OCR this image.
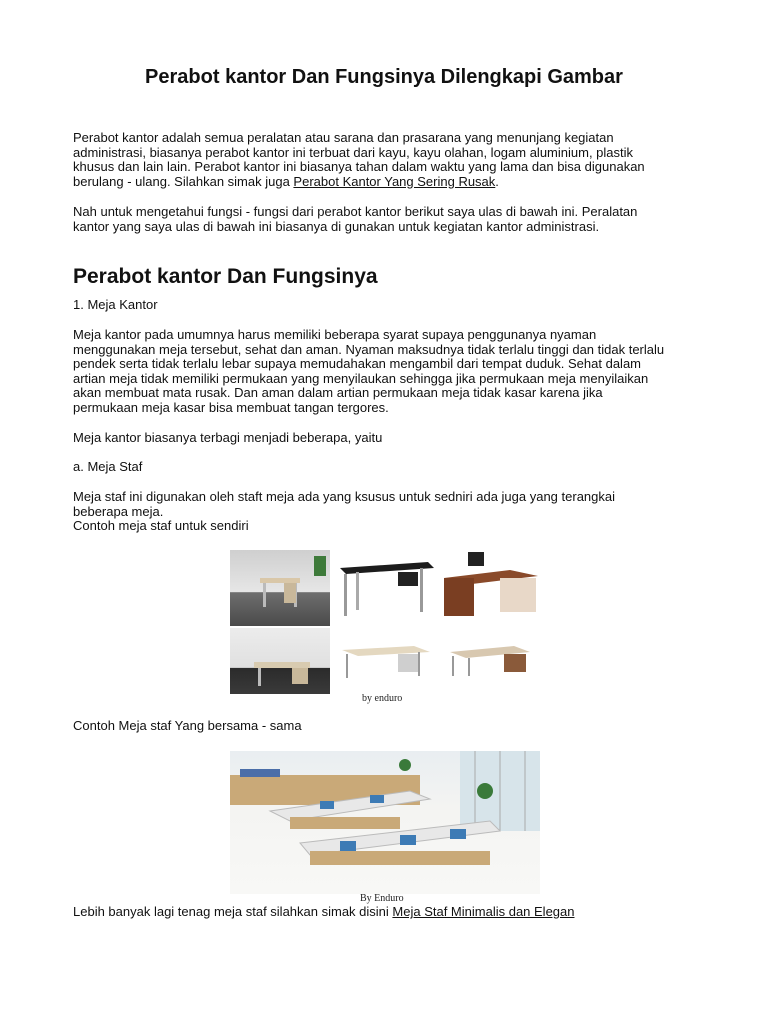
Perabot kantor Dan Fungsinya Dilengkapi Gambar

Perabot kantor adalah semua peralatan atau sarana dan prasarana yang menunjang kegiatan

administrasi, biasanya perabot kantor ini terbuat dari kayu, kayu olahan, logam aluminium, plastik

khusus dan lain lain. Perabot kantor ini biasanya tahan dalam waktu yang lama dan bisa digunakan

berulang - ulang. Silahkan simak juga Perabot Kantor Yang Sering Rusak.

Nah untuk mengetahui fungsi - fungsi dari perabot kantor berikut saya ulas di bawah ini. Peralatan

kantor yang saya ulas di bawah ini biasanya di gunakan untuk kegiatan kantor administrasi.

Perabot kantor Dan Fungsinya
1. Meja Kantor

Meja kantor pada umumnya harus memiliki beberapa syarat supaya penggunanya nyaman

menggunakan meja tersebut, sehat dan aman. Nyaman maksudnya tidak terlalu tinggi dan tidak terlalu

pendek serta tidak terlalu lebar supaya memudahakan mengambil dari tempat duduk. Sehat dalam

artian meja tidak memiliki permukaan yang menyilaukan sehingga jika permukaan meja menyilaikan

akan membuat mata rusak. Dan aman dalam artian permukaan meja tidak kasar karena jika

permukaan meja kasar bisa membuat tangan tergores.

Meja kantor biasanya terbagi menjadi beberapa, yaitu
a. Meja Staf

Meja staf ini digunakan oleh staft meja ada yang ksusus untuk sedniri ada juga yang terangkai

beberapa meja.

Contoh meja staf untuk sendiri

by enduro
Contoh Meja staf Yang bersama - sama
By Enduro
Lebih banyak lagi tenag meja staf silahkan simak disini Meja Staf Minimalis dan Elegan
